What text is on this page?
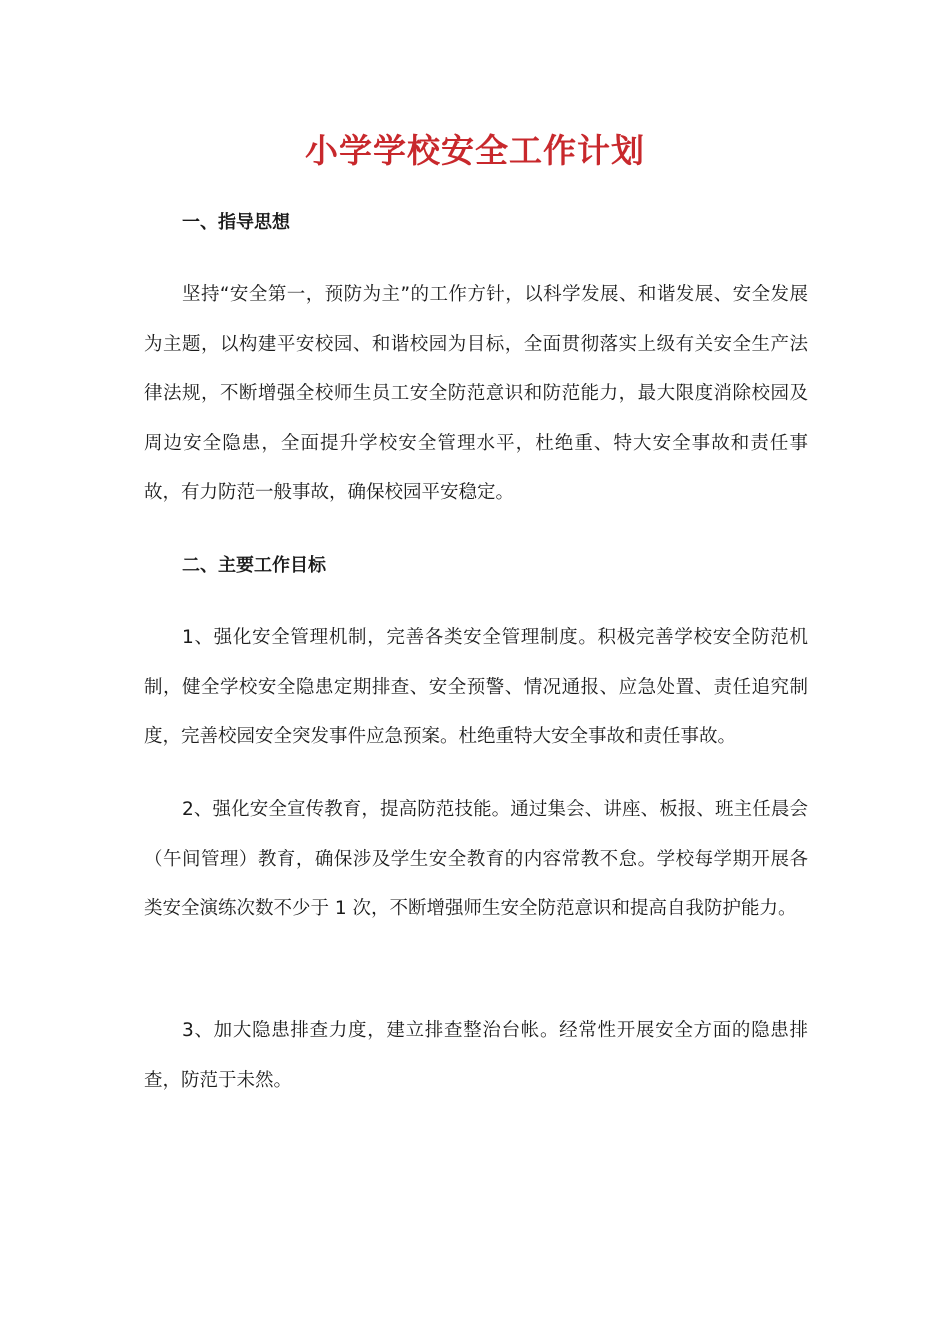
小学学校安全工作计划
一、指导思想

坚持“安全第一，预防为主”的工作方针，以科学发展、和谐发展、安全发展为主题，以构建平安校园、和谐校园为目标，全面贯彻落实上级有关安全生产法律法规，不断增强全校师生员工安全防范意识和防范能力，最大限度消除校园及周边安全隐患，全面提升学校安全管理水平，杜绝重、特大安全事故和责任事故，有力防范一般事故，确保校园平安稳定。

二、主要工作目标

1、强化安全管理机制，完善各类安全管理制度。积极完善学校安全防范机制，健全学校安全隐患定期排查、安全预警、情况通报、应急处置、责任追究制度，完善校园安全突发事件应急预案。杜绝重特大安全事故和责任事故。

2、强化安全宣传教育，提高防范技能。通过集会、讲座、板报、班主任晨会（午间管理）教育，确保涉及学生安全教育的内容常教不怠。学校每学期开展各类安全演练次数不少于 1 次，不断增强师生安全防范意识和提高自我防护能力。

3、加大隐患排查力度，建立排查整治台帐。经常性开展安全方面的隐患排查，防范于未然。
